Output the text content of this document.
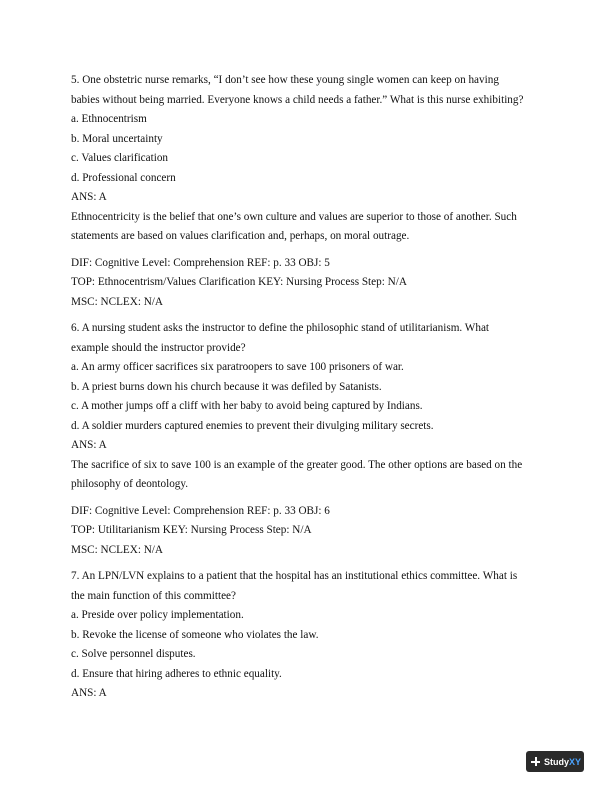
5. One obstetric nurse remarks, “I don’t see how these young single women can keep on having
babies without being married. Everyone knows a child needs a father.” What is this nurse exhibiting?
a. Ethnocentrism
b. Moral uncertainty
c. Values clarification
d. Professional concern
ANS: A
Ethnocentricity is the belief that one’s own culture and values are superior to those of another. Such
statements are based on values clarification and, perhaps, on moral outrage.
DIF: Cognitive Level: Comprehension REF: p. 33 OBJ: 5
TOP: Ethnocentrism/Values Clarification KEY: Nursing Process Step: N/A
MSC: NCLEX: N/A
6. A nursing student asks the instructor to define the philosophic stand of utilitarianism. What
example should the instructor provide?
a. An army officer sacrifices six paratroopers to save 100 prisoners of war.
b. A priest burns down his church because it was defiled by Satanists.
c. A mother jumps off a cliff with her baby to avoid being captured by Indians.
d. A soldier murders captured enemies to prevent their divulging military secrets.
ANS: A
The sacrifice of six to save 100 is an example of the greater good. The other options are based on the
philosophy of deontology.
DIF: Cognitive Level: Comprehension REF: p. 33 OBJ: 6
TOP: Utilitarianism KEY: Nursing Process Step: N/A
MSC: NCLEX: N/A
7. An LPN/LVN explains to a patient that the hospital has an institutional ethics committee. What is
the main function of this committee?
a. Preside over policy implementation.
b. Revoke the license of someone who violates the law.
c. Solve personnel disputes.
d. Ensure that hiring adheres to ethnic equality.
ANS: A
Study XY
